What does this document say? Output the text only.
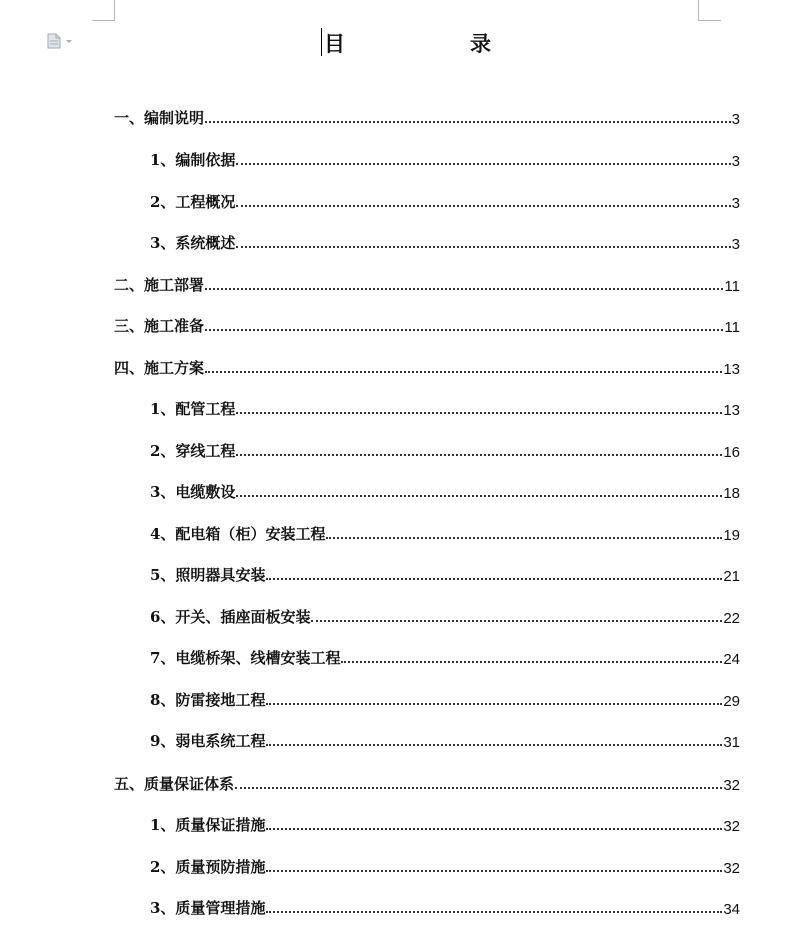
目	录
一、编制说明	3
1、编制依据	3
2、工程概况	3
3、系统概述	3
二、施工部署	11
三、施工准备	11
四、施工方案	13
1、配管工程	13
2、穿线工程	16
3、电缆敷设	18
4、配电箱（柜）安装工程	19
5、照明器具安装	21
6、开关、插座面板安装	22
7、电缆桥架、线槽安装工程	24
8、防雷接地工程	29
9、弱电系统工程	31
五、质量保证体系	32
1、质量保证措施	32
2、质量预防措施	32
3、质量管理措施	34
